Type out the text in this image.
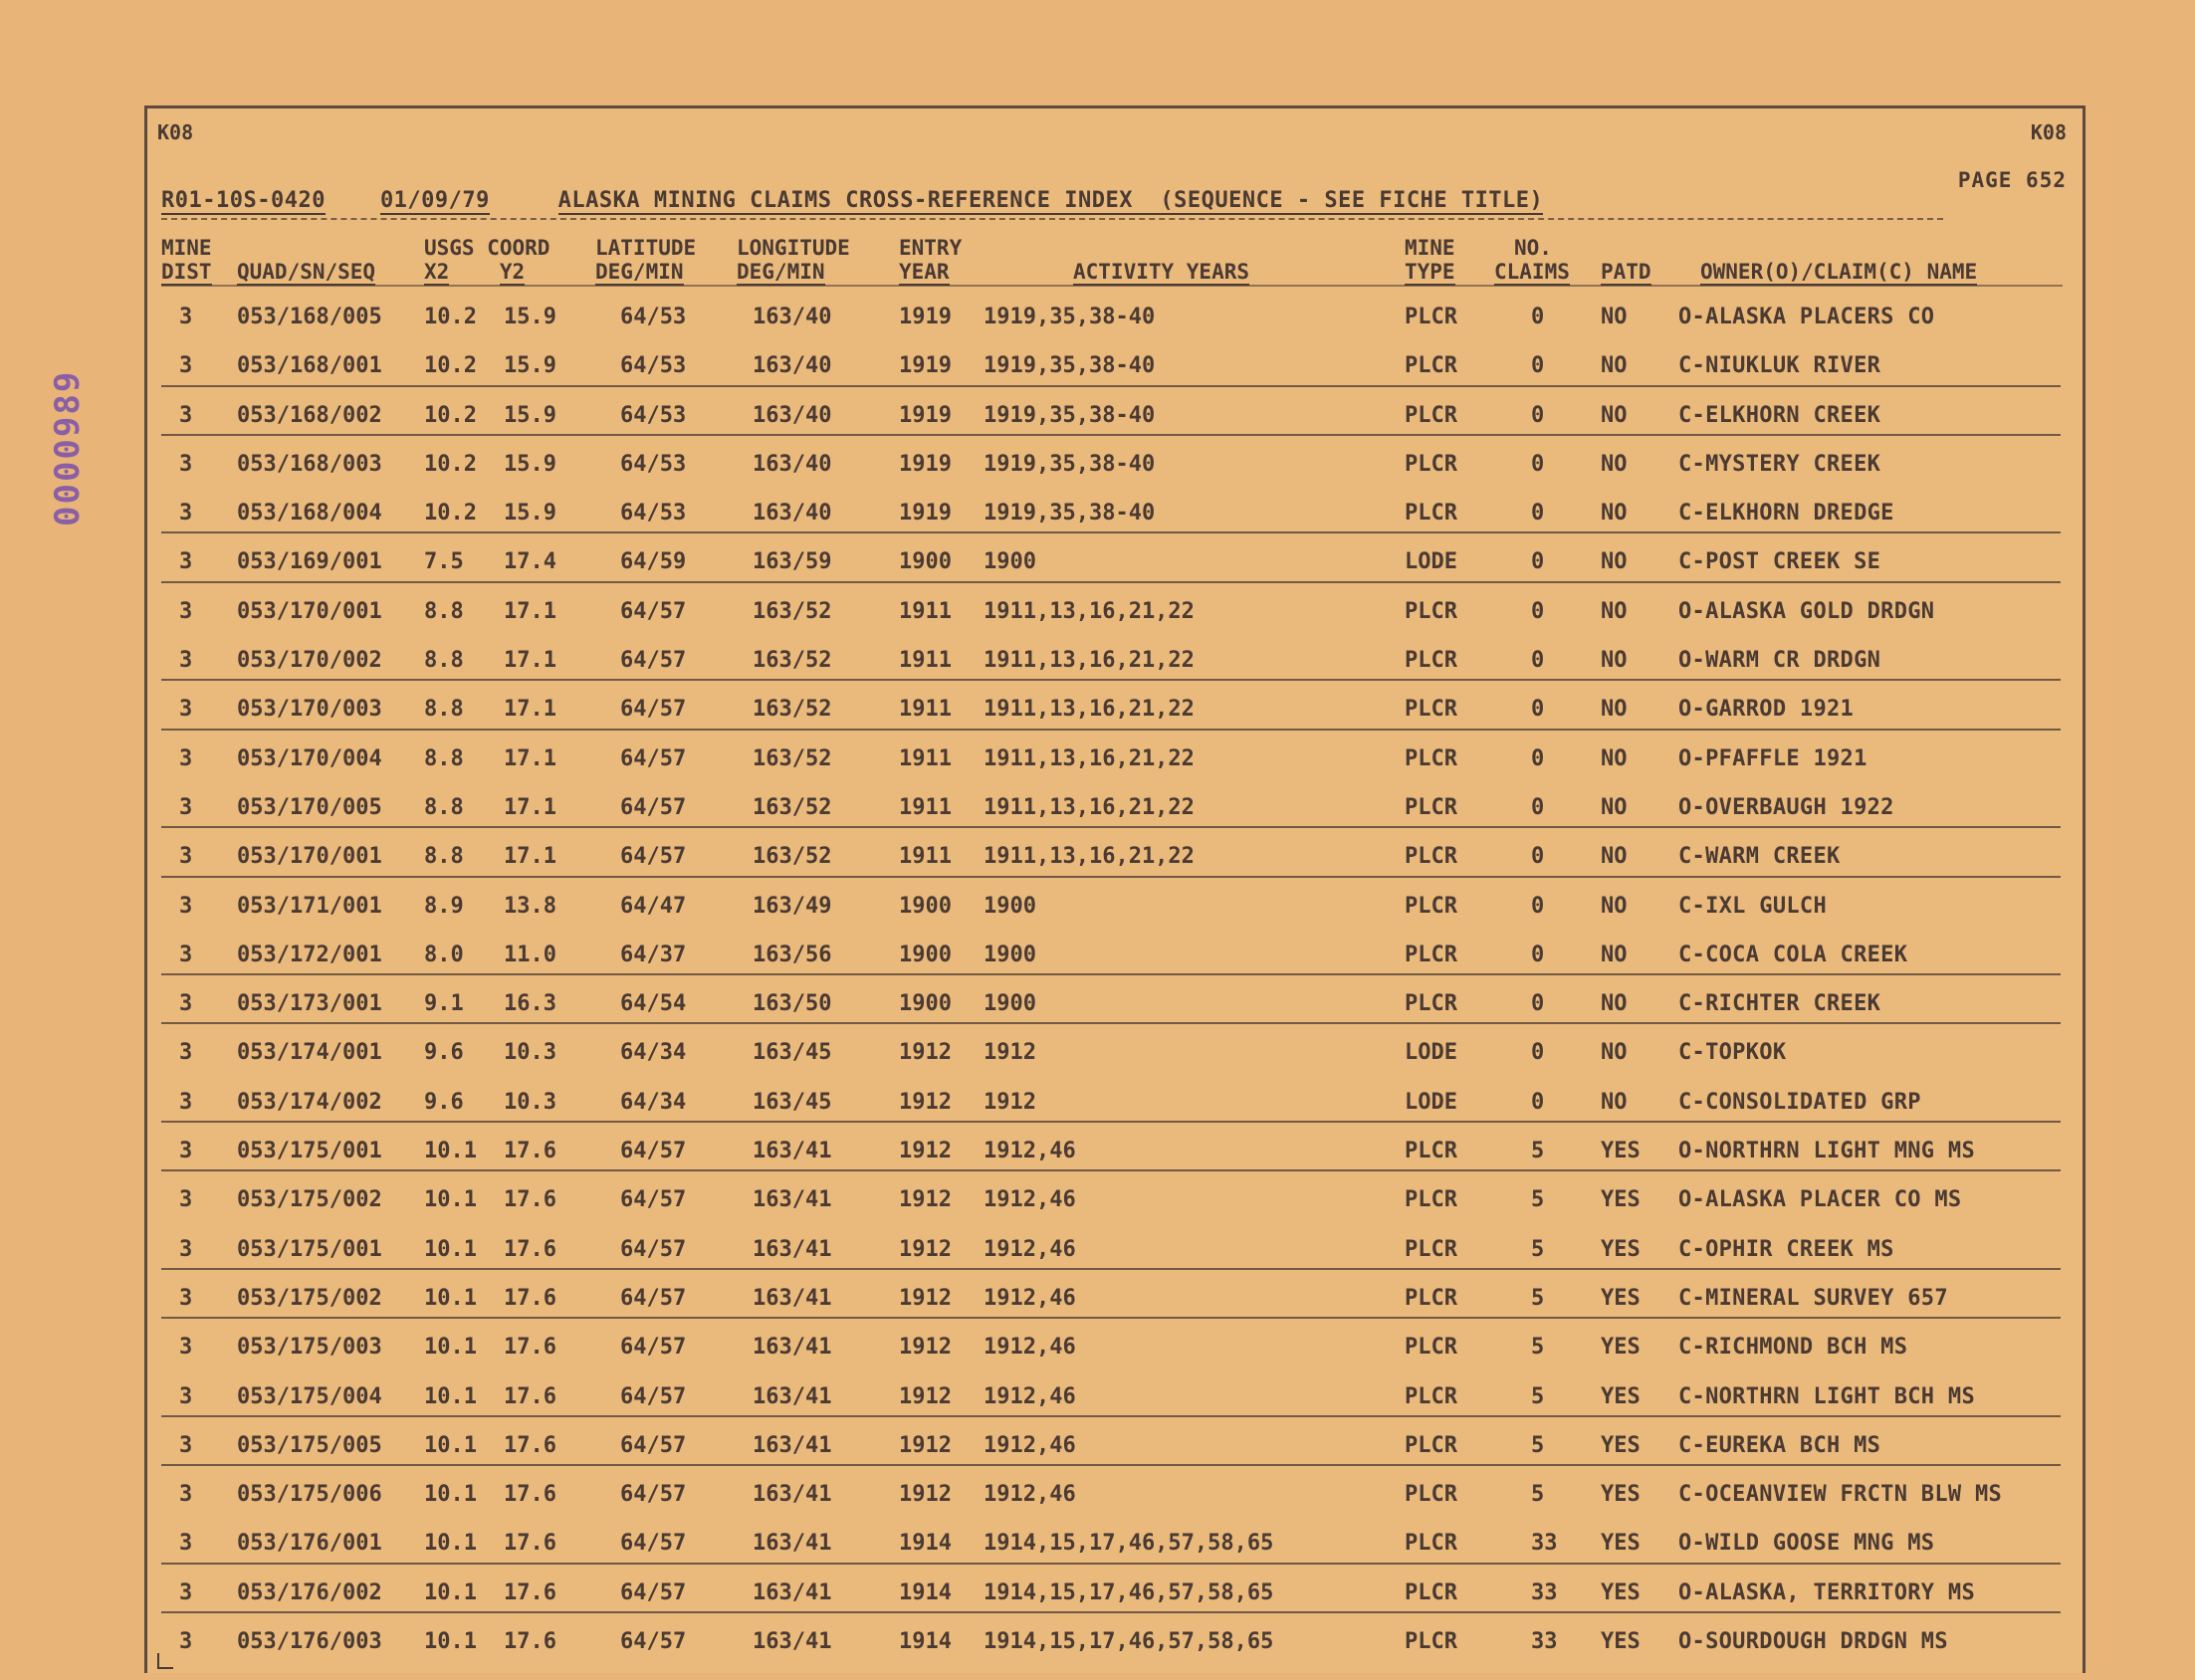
0000989
K08	K08
PAGE 652
R01-10S-0420 01/09/79	ALASKA MINING CLAIMS CROSS-REFERENCE INDEX  (SEQUENCE - SEE FICHE TITLE)
MINE
DIST
QUAD/SN/SEQ
USGS COORD
X2 Y2
LATITUDE
DEG/MIN
LONGITUDE
DEG/MIN
ENTRY
YEAR
	ACTIVITY YEARS
MINE
TYPE
NO.
CLAIMS
PATD
OWNER(O)/CLAIM(C) NAME
3 053/168/005 10.2 15.9	64/53	163/40	1919 1919,35,38-40	PLCR	0	NO O-ALASKA PLACERS CO
3 053/168/001 10.2 15.9	64/53	163/40	1919 1919,35,38-40	PLCR	0	NO C-NIUKLUK RIVER
3 053/168/002 10.2 15.9	64/53	163/40	1919 1919,35,38-40	PLCR	0	NO C-ELKHORN CREEK
3 053/168/003 10.2 15.9	64/53	163/40	1919 1919,35,38-40	PLCR	0	NO C-MYSTERY CREEK
3 053/168/004 10.2 15.9	64/53	163/40	1919 1919,35,38-40	PLCR	0	NO C-ELKHORN DREDGE
3 053/169/001 7.5 17.4	64/59	163/59	1900 1900	LODE	0	NO C-POST CREEK SE
3 053/170/001 8.8 17.1	64/57	163/52	1911 1911,13,16,21,22	PLCR	0	NO O-ALASKA GOLD DRDGN
3 053/170/002 8.8 17.1	64/57	163/52	1911 1911,13,16,21,22	PLCR	0	NO O-WARM CR DRDGN
3 053/170/003 8.8 17.1	64/57	163/52	1911 1911,13,16,21,22	PLCR	0	NO O-GARROD 1921
3 053/170/004 8.8 17.1	64/57	163/52	1911 1911,13,16,21,22	PLCR	0	NO O-PFAFFLE 1921
3 053/170/005 8.8 17.1	64/57	163/52	1911 1911,13,16,21,22	PLCR	0	NO O-OVERBAUGH 1922
3 053/170/001 8.8 17.1	64/57	163/52	1911 1911,13,16,21,22	PLCR	0	NO C-WARM CREEK
3 053/171/001 8.9 13.8	64/47	163/49	1900 1900	PLCR	0	NO C-IXL GULCH
3 053/172/001 8.0 11.0	64/37	163/56	1900 1900	PLCR	0	NO C-COCA COLA CREEK
3 053/173/001 9.1 16.3	64/54	163/50	1900 1900	PLCR	0	NO C-RICHTER CREEK
3 053/174/001 9.6 10.3	64/34	163/45	1912 1912	LODE	0	NO C-TOPKOK
3 053/174/002 9.6 10.3	64/34	163/45	1912 1912	LODE	0	NO C-CONSOLIDATED GRP
3 053/175/001 10.1 17.6	64/57	163/41	1912 1912,46	PLCR	5	YES O-NORTHRN LIGHT MNG MS
3 053/175/002 10.1 17.6	64/57	163/41	1912 1912,46	PLCR	5	YES O-ALASKA PLACER CO MS
3 053/175/001 10.1 17.6	64/57	163/41	1912 1912,46	PLCR	5	YES C-OPHIR CREEK MS
3 053/175/002 10.1 17.6	64/57	163/41	1912 1912,46	PLCR	5	YES C-MINERAL SURVEY 657
3 053/175/003 10.1 17.6	64/57	163/41	1912 1912,46	PLCR	5	YES C-RICHMOND BCH MS
3 053/175/004 10.1 17.6	64/57	163/41	1912 1912,46	PLCR	5	YES C-NORTHRN LIGHT BCH MS
3 053/175/005 10.1 17.6	64/57	163/41	1912 1912,46	PLCR	5	YES C-EUREKA BCH MS
3 053/175/006 10.1 17.6	64/57	163/41	1912 1912,46	PLCR	5	YES C-OCEANVIEW FRCTN BLW MS
3 053/176/001 10.1 17.6	64/57	163/41	1914 1914,15,17,46,57,58,65	PLCR	33 YES O-WILD GOOSE MNG MS
3 053/176/002 10.1 17.6	64/57	163/41	1914 1914,15,17,46,57,58,65	PLCR	33 YES O-ALASKA, TERRITORY MS
3 053/176/003 10.1 17.6	64/57	163/41	1914 1914,15,17,46,57,58,65	PLCR	33 YES O-SOURDOUGH DRDGN MS
